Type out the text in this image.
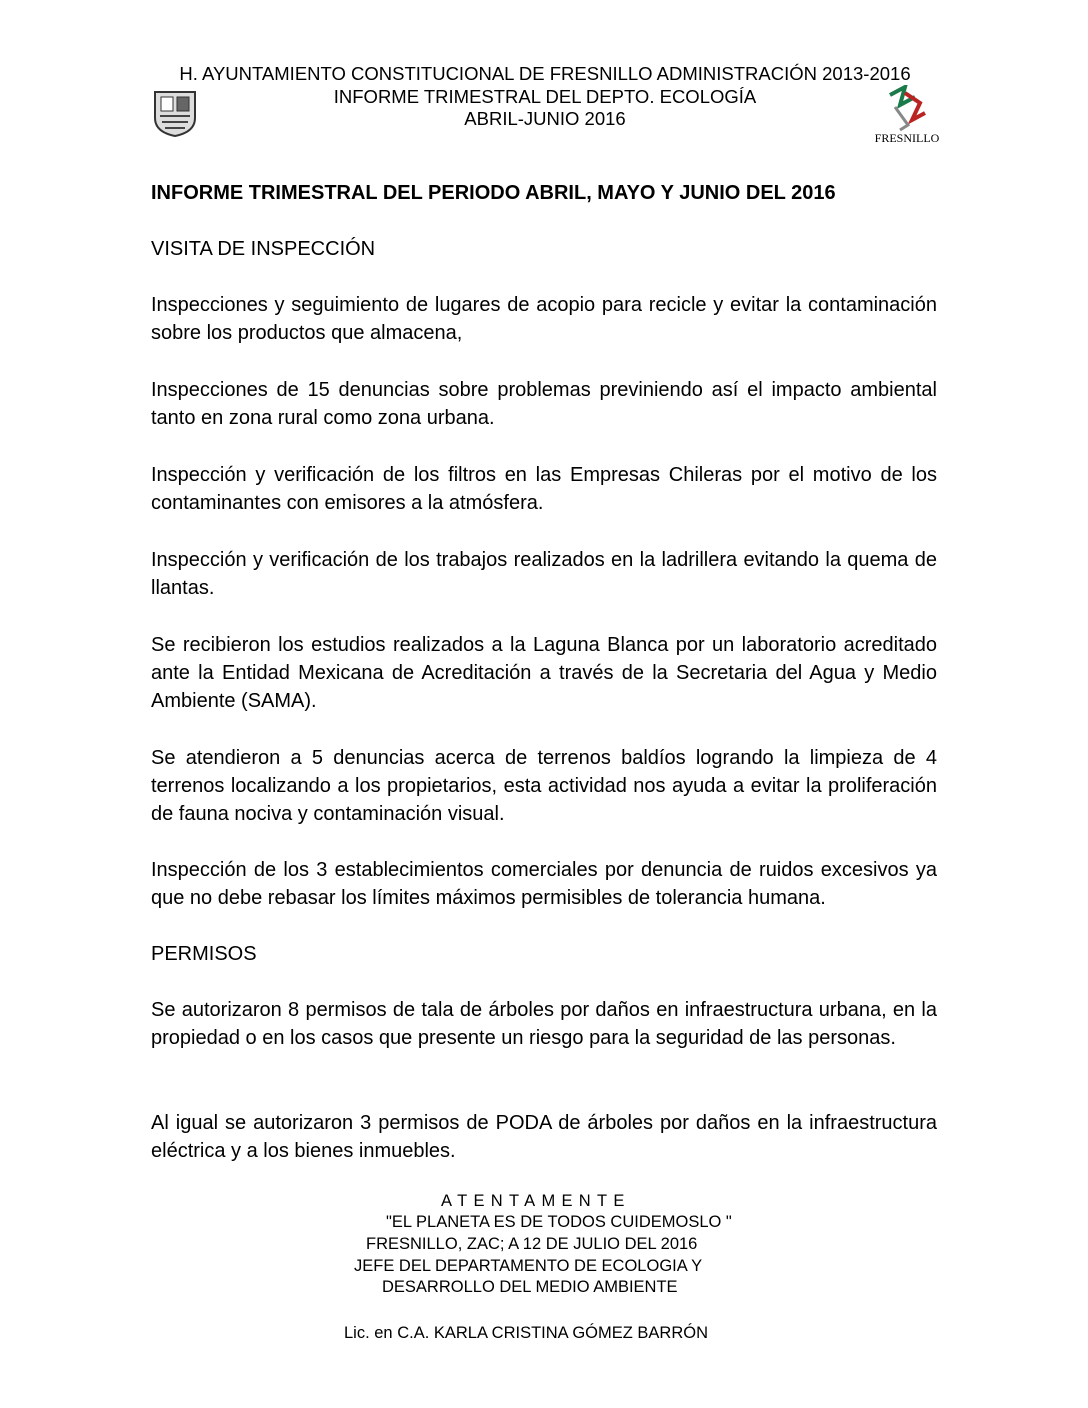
H. AYUNTAMIENTO CONSTITUCIONAL DE FRESNILLO ADMINISTRACIÓN 2013-2016
INFORME TRIMESTRAL DEL DEPTO. ECOLOGÍA
ABRIL-JUNIO 2016
FRESNILLO
INFORME TRIMESTRAL DEL PERIODO ABRIL, MAYO Y JUNIO DEL 2016
VISITA DE INSPECCIÓN
Inspecciones y seguimiento de lugares de acopio para recicle y evitar la contaminación sobre los productos que almacena,
Inspecciones de 15 denuncias sobre problemas previniendo así el impacto ambiental tanto en zona rural como zona urbana.
Inspección y verificación de los filtros en las Empresas Chileras por el motivo de los contaminantes con emisores a la atmósfera.
Inspección y verificación de los trabajos realizados en la ladrillera evitando la quema de llantas.
Se recibieron los estudios realizados a la Laguna Blanca por un laboratorio acreditado ante la Entidad Mexicana de Acreditación a través de la Secretaria del Agua y Medio Ambiente (SAMA).
Se atendieron a 5 denuncias acerca de terrenos baldíos logrando la limpieza de 4 terrenos localizando a los propietarios, esta actividad nos ayuda a evitar la proliferación de fauna nociva y contaminación visual.
Inspección de los 3 establecimientos comerciales por denuncia de ruidos excesivos ya que no debe rebasar los límites máximos permisibles de tolerancia humana.
PERMISOS
Se autorizaron 8 permisos de tala de árboles por daños en infraestructura urbana, en la propiedad o en los casos que presente un riesgo para la seguridad de las personas.
Al igual se autorizaron 3 permisos de PODA de árboles por daños en la infraestructura eléctrica y a los bienes inmuebles.
ATENTAMENTE
"EL PLANETA ES DE TODOS CUIDEMOSLO "
FRESNILLO, ZAC; A 12 DE JULIO DEL 2016
JEFE DEL DEPARTAMENTO DE ECOLOGIA Y
DESARROLLO DEL MEDIO AMBIENTE
Lic. en C.A. KARLA CRISTINA GÓMEZ BARRÓN
